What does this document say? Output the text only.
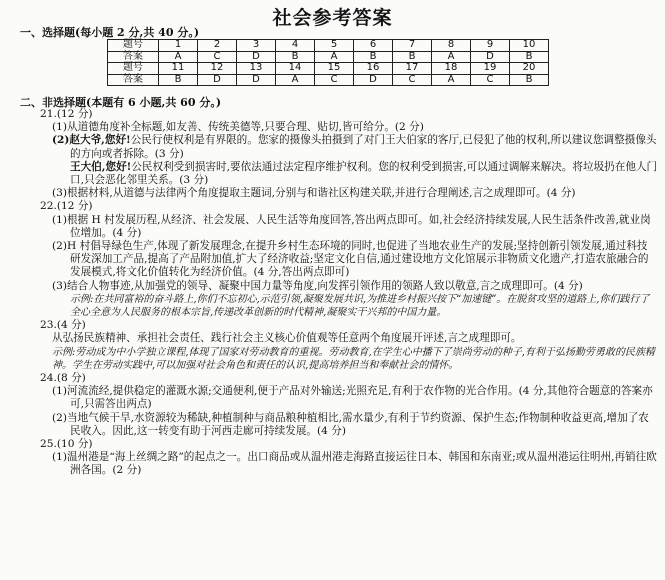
社会参考答案
一、选择题(每小题 2 分,共 40 分。)
题号	1	2	3	4	5	6	7	8	9	10
答案	A	C	D	B	A	B	B	A	D	B
题号	11	12	13	14	15	16	17	18	19	20
答案	B	D	D	A	C	D	C	A	C	B
二、非选择题(本题有 6 小题,共 60 分。)

21.(12 分)

(1)从道德角度补全标题,如友善、传统美德等,只要合理、贴切,皆可给分。(2 分)

(2)赵大爷,您好!公民行使权利是有界限的。您家的摄像头拍摄到了对门王大伯家的客厅,已侵犯了他的权利,所以建议您调整摄像头的方向或者拆除。(3 分)

王大伯,您好!公民权利受到损害时,要依法通过法定程序维护权利。您的权利受到损害,可以通过调解来解决。将垃圾扔在他人门口,只会恶化邻里关系。(3 分)

(3)根据材料,从道德与法律两个角度提取主题词,分别与和谐社区构建关联,并进行合理阐述,言之成理即可。(4 分)

22.(12 分)

(1)根据 H 村发展历程,从经济、社会发展、人民生活等角度回答,答出两点即可。如,社会经济持续发展,人民生活条件改善,就业岗位增加。(4 分)

(2)H 村倡导绿色生产,体现了新发展理念,在提升乡村生态环境的同时,也促进了当地农业生产的发展;坚持创新引领发展,通过科技研发深加工产品,提高了产品附加值,扩大了经济收益;坚定文化自信,通过建设地方文化馆展示非物质文化遗产,打造农旅融合的发展模式,将文化价值转化为经济价值。(4 分,答出两点即可)

(3)结合人物事迹,从加强党的领导、凝聚中国力量等角度,向发挥引领作用的领路人致以敬意,言之成理即可。(4 分)

示例:在共同富裕的奋斗路上,你们不忘初心,示范引领,凝聚发展共识,为推进乡村振兴按下“加速键”。在脱贫攻坚的道路上,你们践行了全心全意为人民服务的根本宗旨,传递改革创新的时代精神,凝聚实干兴邦的中国力量。

23.(4 分)

从弘扬民族精神、承担社会责任、践行社会主义核心价值观等任意两个角度展开评述,言之成理即可。

示例:劳动成为中小学独立课程,体现了国家对劳动教育的重视。劳动教育,在学生心中播下了崇尚劳动的种子,有利于弘扬勤劳勇敢的民族精神。学生在劳动实践中,可以加强对社会角色和责任的认识,提高培养担当和奉献社会的情怀。

24.(8 分)

(1)河流流经,提供稳定的灌溉水源;交通便利,便于产品对外输送;光照充足,有利于农作物的光合作用。(4 分,其他符合题意的答案亦可,只需答出两点)

(2)当地气候干旱,水资源较为稀缺,种植制种与商品粮种植相比,需水量少,有利于节约资源、保护生态;作物制种收益更高,增加了农民收入。因此,这一转变有助于河西走廊可持续发展。(4 分)

25.(10 分)

(1)温州港是“海上丝绸之路”的起点之一。出口商品或从温州港走海路直接运往日本、韩国和东南亚;或从温州港运往明州,再销往欧洲各国。(2 分)
